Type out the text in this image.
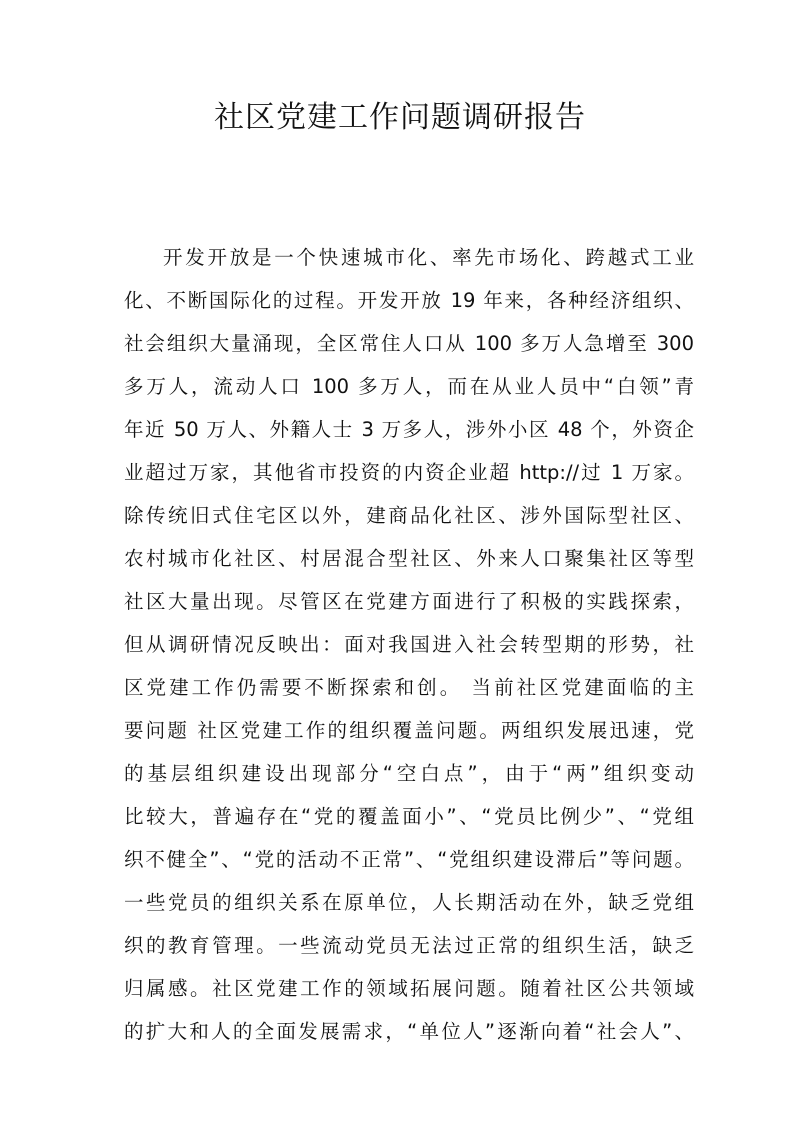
社区党建工作问题调研报告
开发开放是一个快速城市化、率先市场化、跨越式工业
化、不断国际化的过程。开发开放 19 年来，各种经济组织、
社会组织大量涌现，全区常住人口从 100 多万人急增至 300
多万人，流动人口 100 多万人，而在从业人员中“白领”青
年近 50 万人、外籍人士 3 万多人，涉外小区 48 个，外资企
业超过万家，其他省市投资的内资企业超 http://过 1 万家。
除传统旧式住宅区以外，建商品化社区、涉外国际型社区、
农村城市化社区、村居混合型社区、外来人口聚集社区等型
社区大量出现。尽管区在党建方面进行了积极的实践探索，
但从调研情况反映出：面对我国进入社会转型期的形势，社
区党建工作仍需要不断探索和创。 当前社区党建面临的主
要问题 社区党建工作的组织覆盖问题。两组织发展迅速，党
的基层组织建设出现部分“空白点”，由于“两”组织变动
比较大，普遍存在“党的覆盖面小”、“党员比例少”、“党组
织不健全”、“党的活动不正常”、“党组织建设滞后”等问题。
一些党员的组织关系在原单位，人长期活动在外，缺乏党组
织的教育管理。一些流动党员无法过正常的组织生活，缺乏
归属感。社区党建工作的领域拓展问题。随着社区公共领域
的扩大和人的全面发展需求，“单位人”逐渐向着“社会人”、
